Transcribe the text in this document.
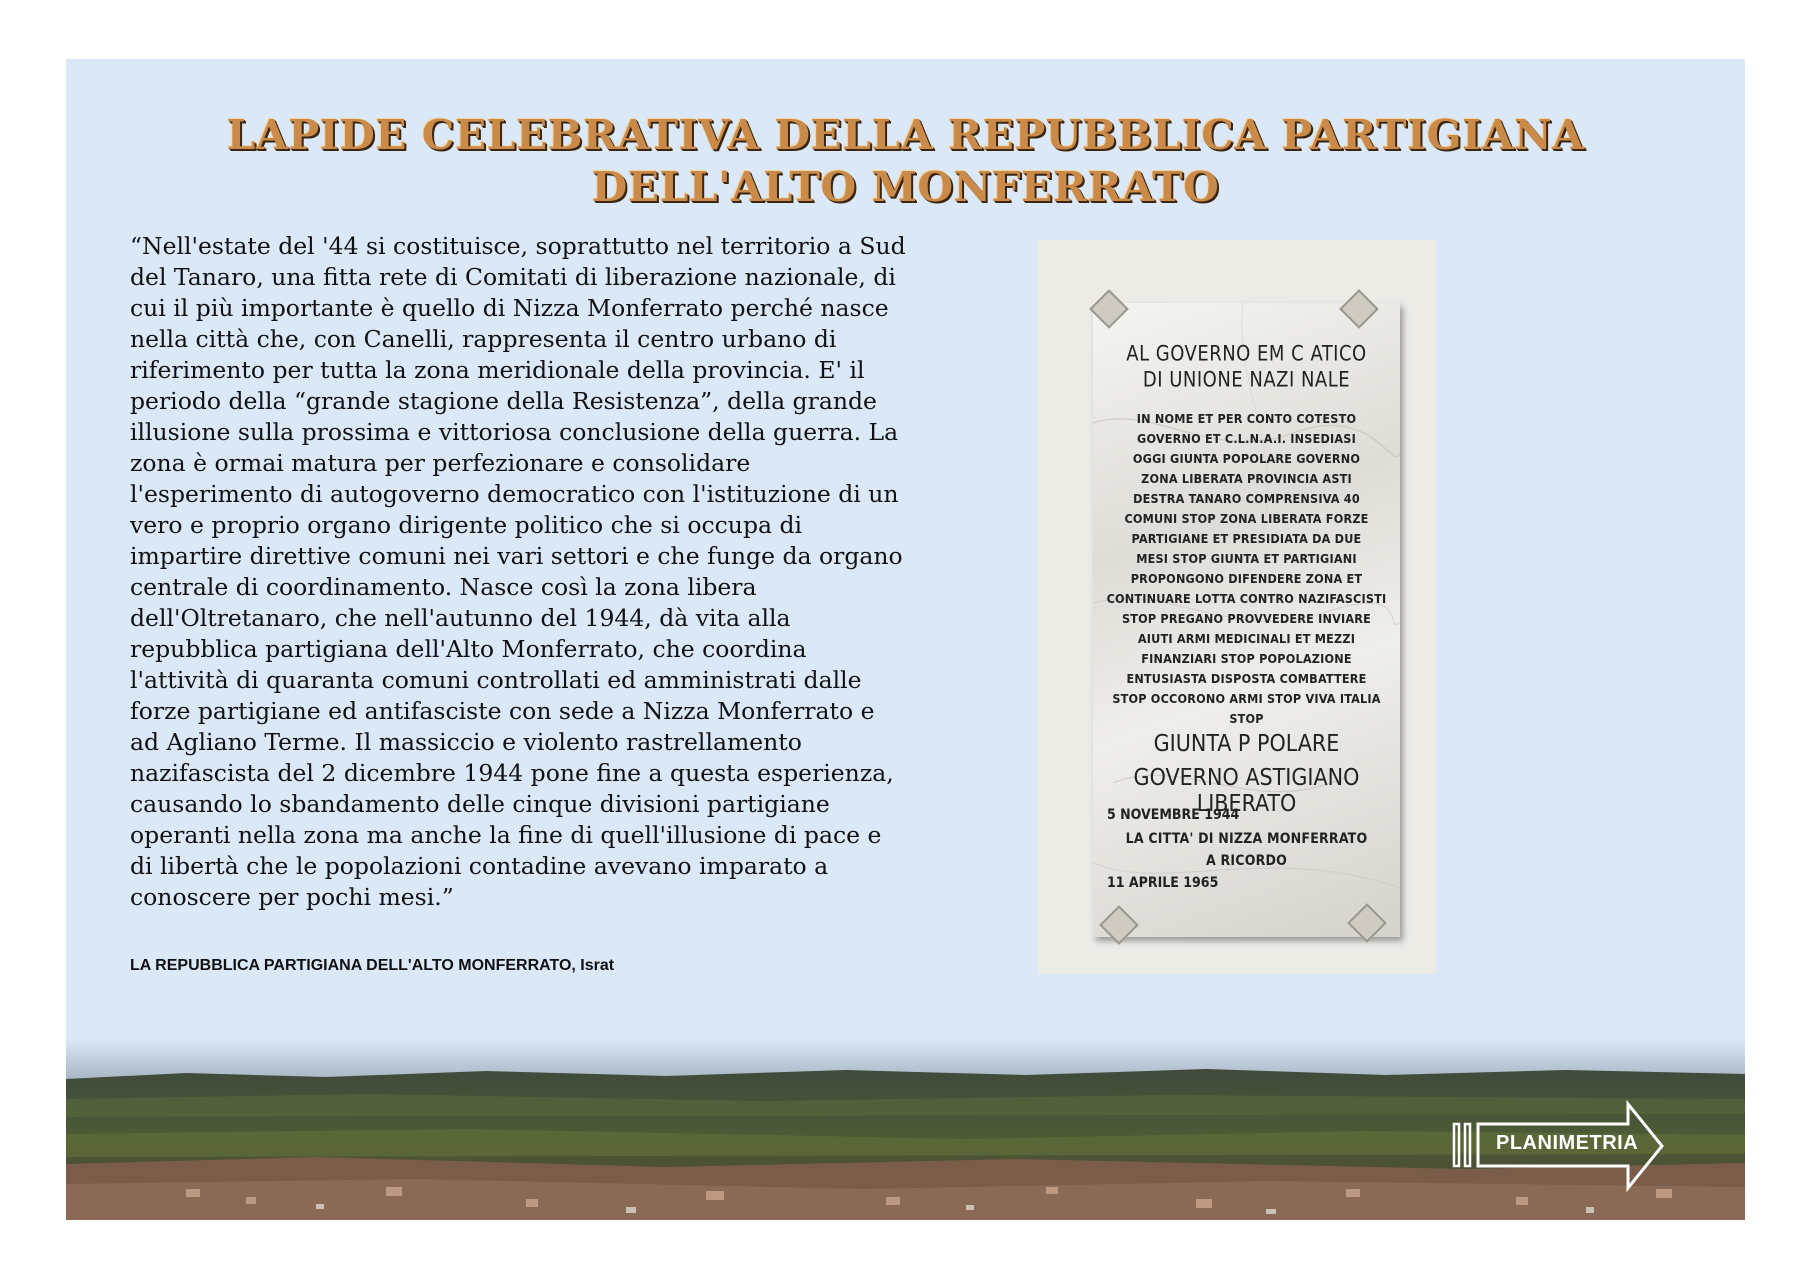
LAPIDE CELEBRATIVA DELLA REPUBBLICA PARTIGIANA
DELL'ALTO MONFERRATO

“Nell'estate del '44 si costituisce, soprattutto nel territorio a Sud del Tanaro, una fitta rete di Comitati di liberazione nazionale, di cui il più importante è quello di Nizza Monferrato perché nasce nella città che, con Canelli, rappresenta il centro urbano di riferimento per tutta la zona meridionale della provincia. E' il periodo della “grande stagione della Resistenza”, della grande illusione sulla prossima e vittoriosa conclusione della guerra. La zona è ormai matura per perfezionare e consolidare l'esperimento di autogoverno democratico con l'istituzione di un vero e proprio organo dirigente politico che si occupa di impartire direttive comuni nei vari settori e che funge da organo centrale di coordinamento. Nasce così la zona libera dell'Oltretanaro, che nell'autunno del 1944, dà vita alla repubblica partigiana dell'Alto Monferrato, che coordina l'attività di quaranta comuni controllati ed amministrati dalle forze partigiane ed antifasciste con sede a Nizza Monferrato e ad Agliano Terme. Il massiccio e violento rastrellamento nazifascista del 2 dicembre 1944 pone fine a questa esperienza, causando lo sbandamento delle cinque divisioni partigiane operanti nella zona ma anche la fine di quell'illusione di pace e di libertà che le popolazioni contadine avevano imparato a conoscere per pochi mesi.”

LA REPUBBLICA PARTIGIANA DELL'ALTO MONFERRATO, Israt
AL GOVERNO EM C ATICO
DI UNIONE NAZI NALE
IN NOME ET PER CONTO COTESTO
GOVERNO ET C.L.N.A.I. INSEDIASI
OGGI GIUNTA POPOLARE GOVERNO
ZONA LIBERATA PROVINCIA ASTI
DESTRA TANARO COMPRENSIVA 40
COMUNI STOP ZONA LIBERATA FORZE
PARTIGIANE ET PRESIDIATA DA DUE
MESI STOP GIUNTA ET PARTIGIANI
PROPONGONO DIFENDERE ZONA ET
CONTINUARE LOTTA CONTRO NAZIFASCISTI
STOP PREGANO PROVVEDERE INVIARE
AIUTI ARMI MEDICINALI ET MEZZI
FINANZIARI STOP POPOLAZIONE
ENTUSIASTA DISPOSTA COMBATTERE
STOP OCCORONO ARMI STOP VIVA ITALIA
STOP
GIUNTA P POLARE
GOVERNO ASTIGIANO LIBERATO
5 NOVEMBRE 1944
LA CITTA' DI NIZZA MONFERRATO
A RICORDO
11 APRILE 1965
PLANIMETRIA
